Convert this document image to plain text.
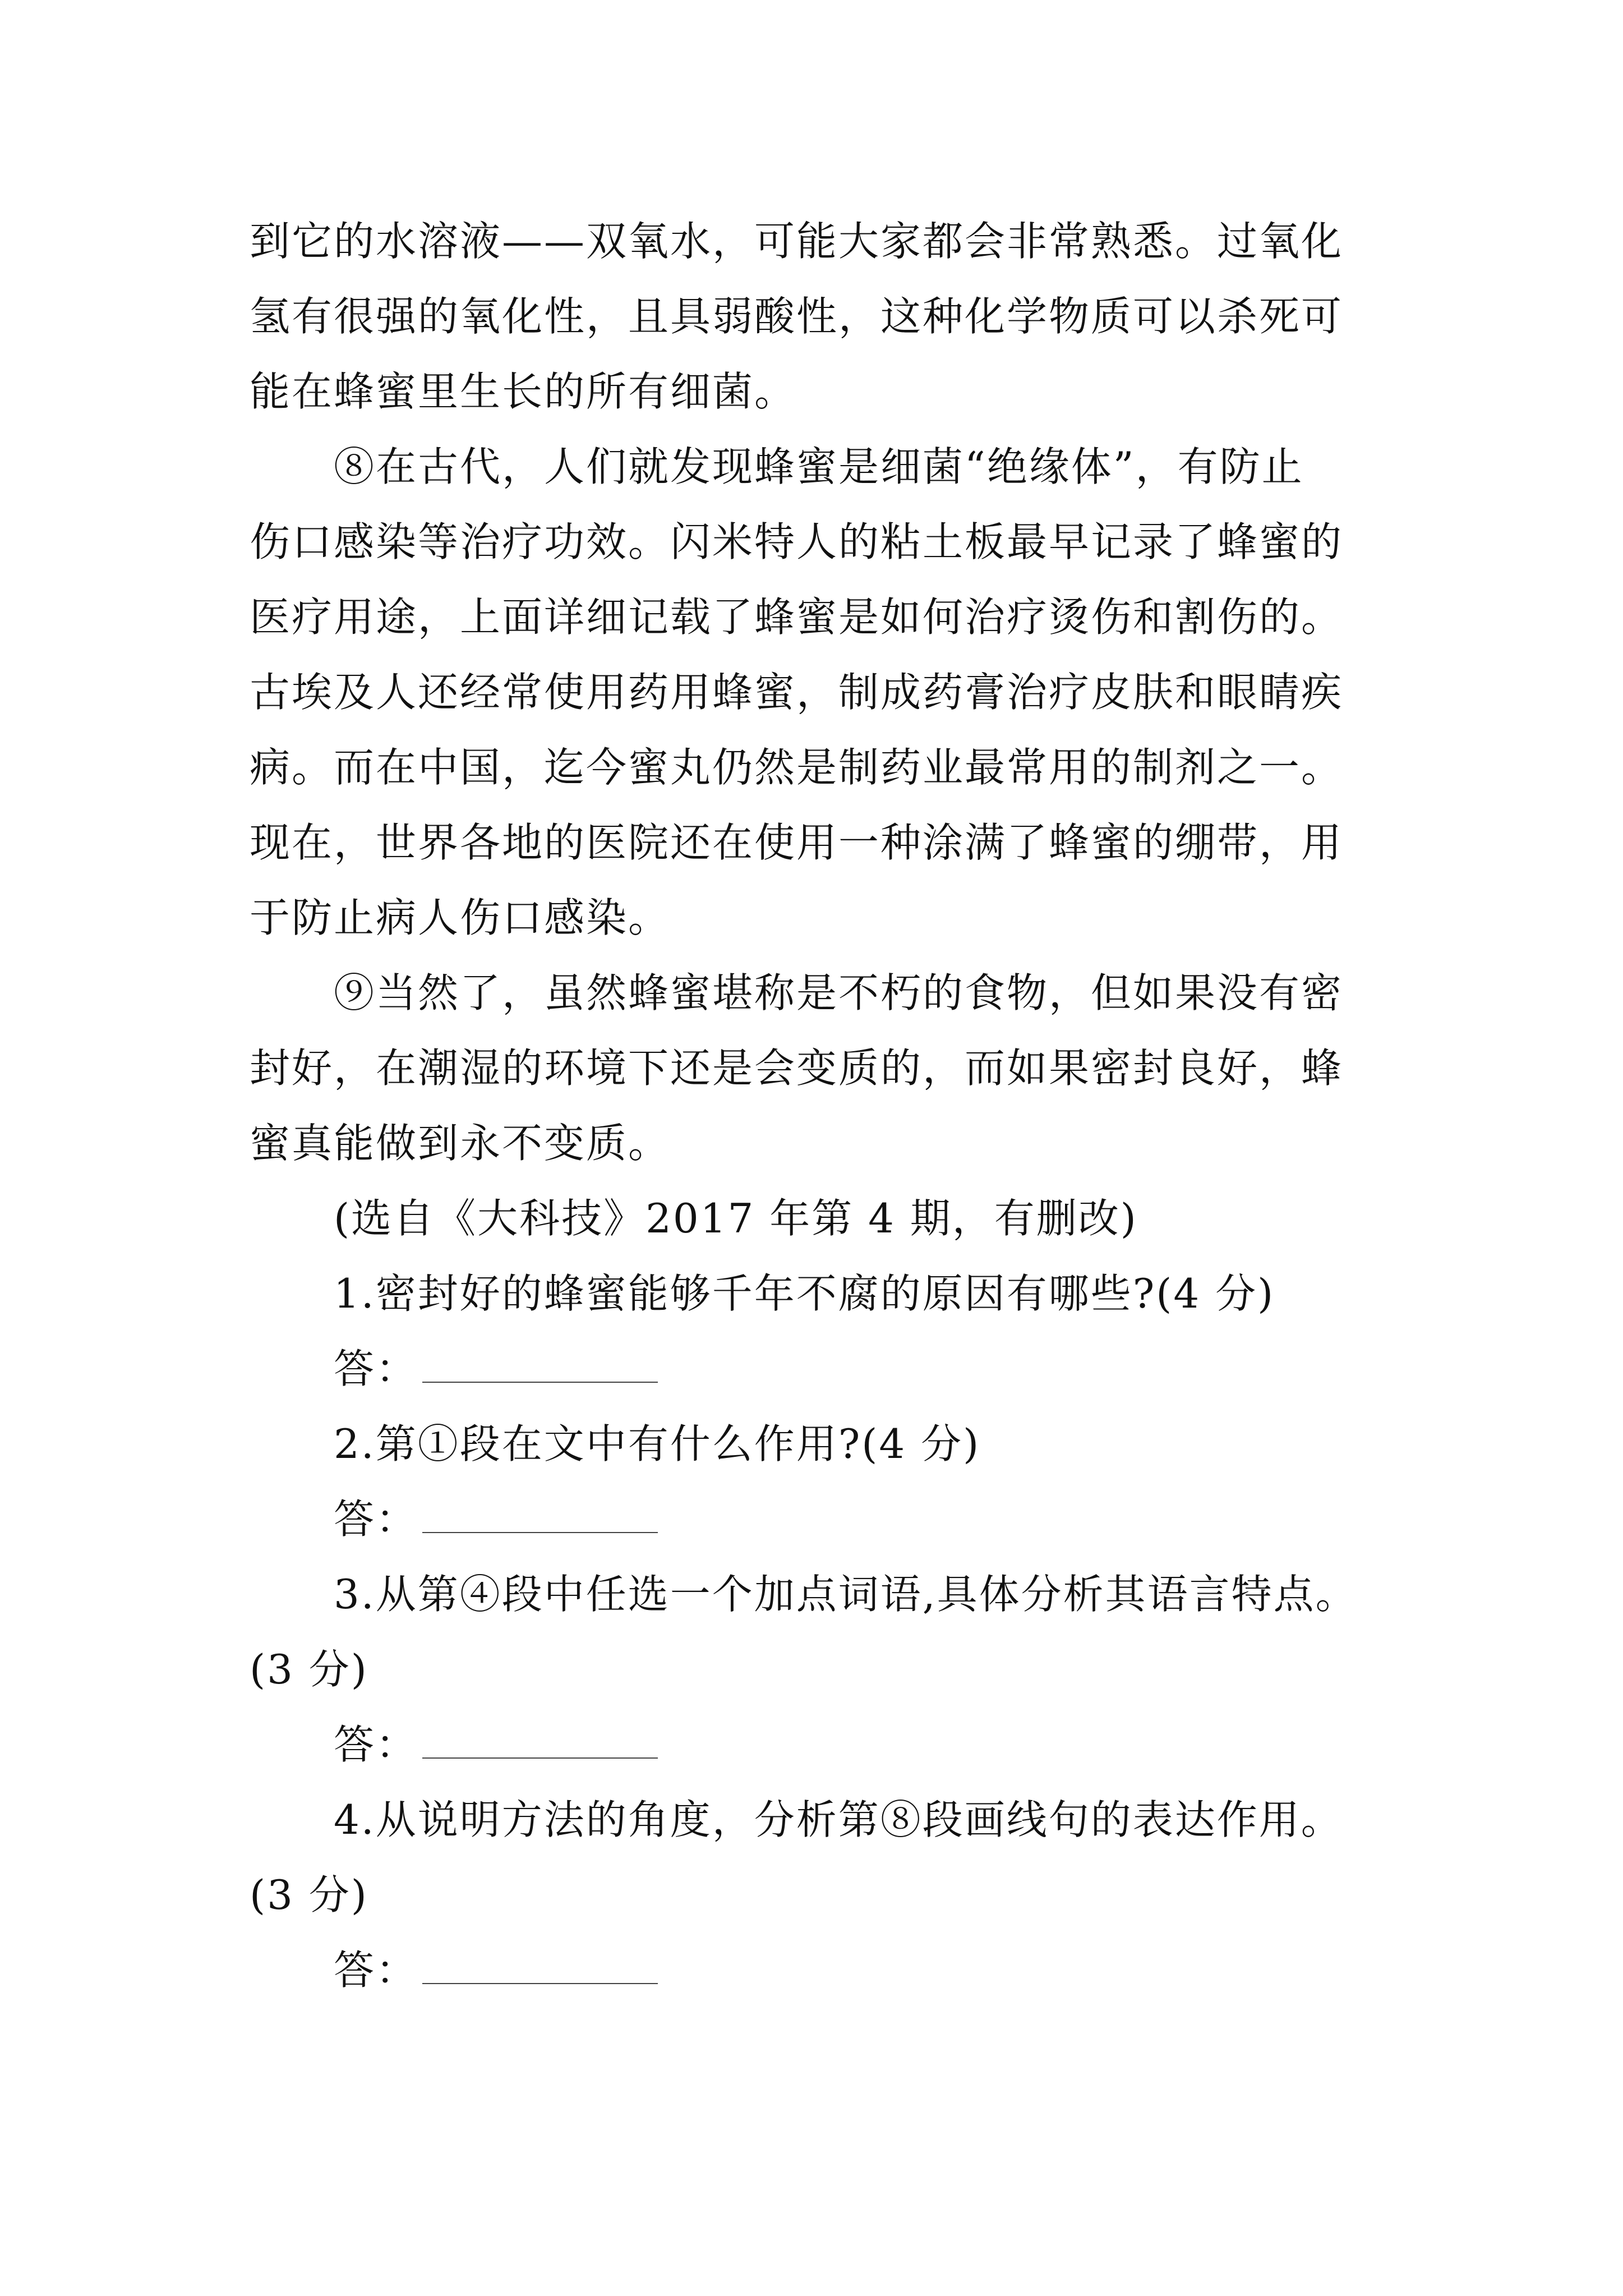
到它的水溶液——双氧水，可能大家都会非常熟悉。过氧化
氢有很强的氧化性，且具弱酸性，这种化学物质可以杀死可
能在蜂蜜里生长的所有细菌。
⑧在古代，人们就发现蜂蜜是细菌“绝缘体”，有防止
伤口感染等治疗功效。闪米特人的粘土板最早记录了蜂蜜的
医疗用途，上面详细记载了蜂蜜是如何治疗烫伤和割伤的。
古埃及人还经常使用药用蜂蜜，制成药膏治疗皮肤和眼睛疾
病。而在中国，迄今蜜丸仍然是制药业最常用的制剂之一。
现在，世界各地的医院还在使用一种涂满了蜂蜜的绷带，用
于防止病人伤口感染。
⑨当然了，虽然蜂蜜堪称是不朽的食物，但如果没有密
封好，在潮湿的环境下还是会变质的，而如果密封良好，蜂
蜜真能做到永不变质。
(选自《大科技》2017 年第 4 期，有删改)
1.密封好的蜂蜜能够千年不腐的原因有哪些?(4 分)
答：
2.第①段在文中有什么作用?(4 分)
答：
3.从第④段中任选一个加点词语,具体分析其语言特点。
(3 分)
答：
4.从说明方法的角度，分析第⑧段画线句的表达作用。
(3 分)
答：
